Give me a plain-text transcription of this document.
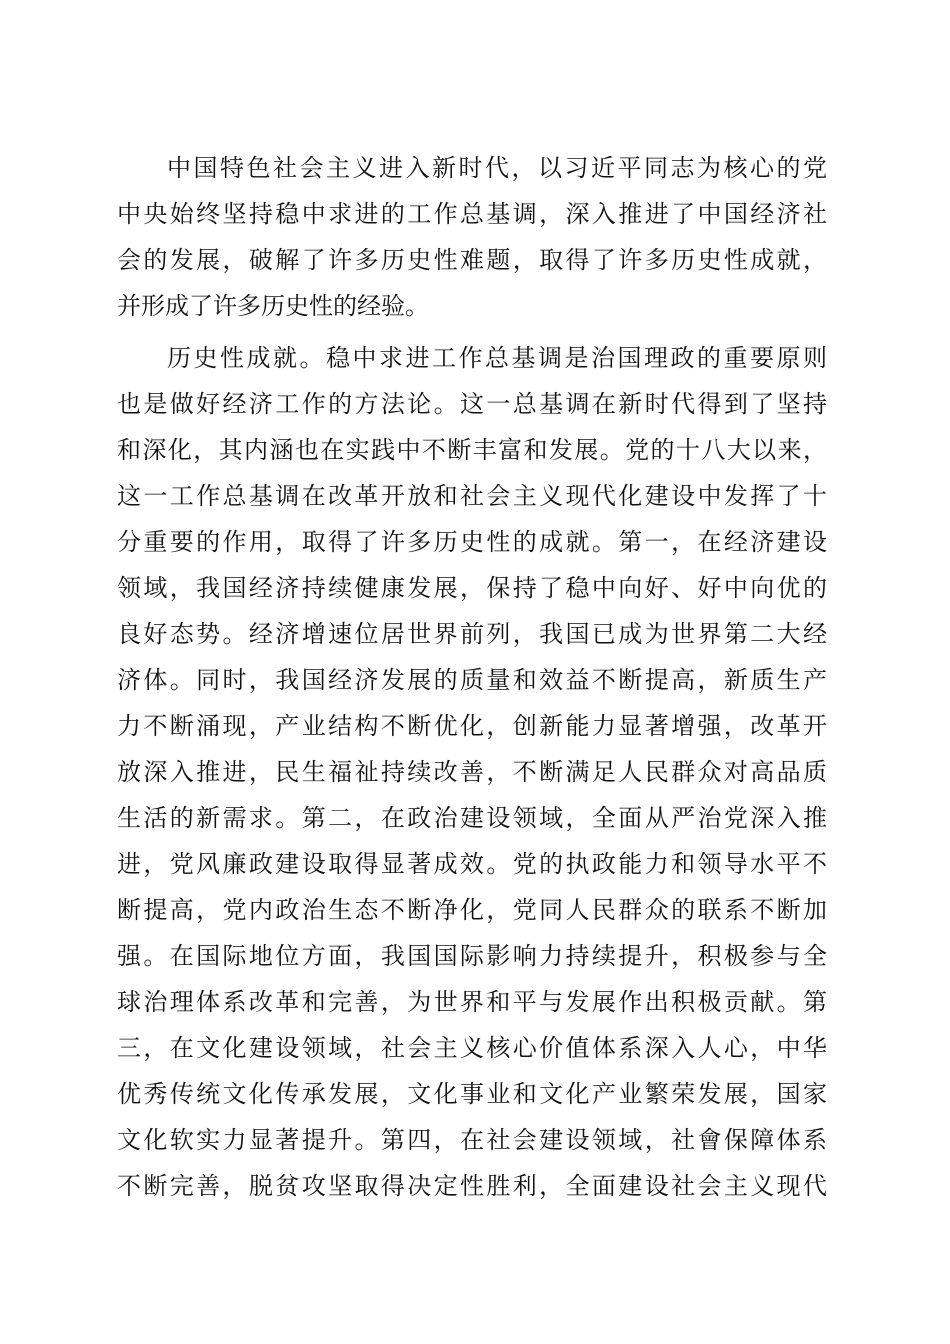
中国特色社会主义进入新时代，以习近平同志为核心的党
中央始终坚持稳中求进的工作总基调，深入推进了中国经济社
会的发展，破解了许多历史性难题，取得了许多历史性成就，
并形成了许多历史性的经验。
历史性成就。稳中求进工作总基调是治国理政的重要原则
也是做好经济工作的方法论。这一总基调在新时代得到了坚持
和深化，其内涵也在实践中不断丰富和发展。党的十八大以来，
这一工作总基调在改革开放和社会主义现代化建设中发挥了十
分重要的作用，取得了许多历史性的成就。第一，在经济建设
领域，我国经济持续健康发展，保持了稳中向好、好中向优的
良好态势。经济增速位居世界前列，我国已成为世界第二大经
济体。同时，我国经济发展的质量和效益不断提高，新质生产
力不断涌现，产业结构不断优化，创新能力显著增强，改革开
放深入推进，民生福祉持续改善，不断满足人民群众对高品质
生活的新需求。第二，在政治建设领域，全面从严治党深入推
进，党风廉政建设取得显著成效。党的执政能力和领导水平不
断提高，党内政治生态不断净化，党同人民群众的联系不断加
强。在国际地位方面，我国国际影响力持续提升，积极参与全
球治理体系改革和完善，为世界和平与发展作出积极贡献。第
三，在文化建设领域，社会主义核心价值体系深入人心，中华
优秀传统文化传承发展，文化事业和文化产业繁荣发展，国家
文化软实力显著提升。第四，在社会建设领域，社會保障体系
不断完善，脱贫攻坚取得决定性胜利，全面建设社会主义现代
